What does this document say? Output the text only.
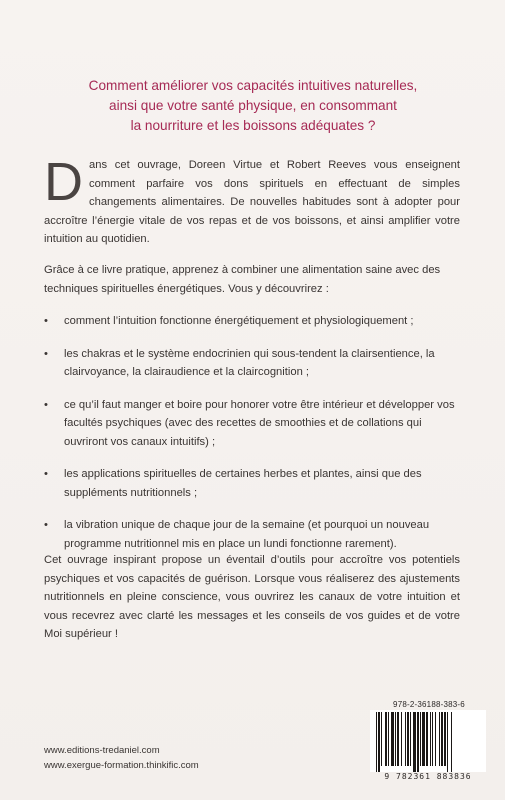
Comment améliorer vos capacités intuitives naturelles,
ainsi que votre santé physique, en consommant
la nourriture et les boissons adéquates ?

Dans cet ouvrage, Doreen Virtue et Robert Reeves vous enseignent comment parfaire vos dons spirituels en effectuant de simples changements alimentaires. De nouvelles habitudes sont à adopter pour accroître l’énergie vitale de vos repas et de vos boissons, et ainsi amplifier votre intuition au quotidien.

Grâce à ce livre pratique, apprenez à combiner une alimentation saine avec des techniques spirituelles énergétiques. Vous y découvrirez :

• comment l’intuition fonctionne énergétiquement et physiologiquement ;
• les chakras et le système endocrinien qui sous-tendent la clairsentience, la clairvoyance, la clairaudience et la claircognition ;
• ce qu’il faut manger et boire pour honorer votre être intérieur et développer vos facultés psychiques (avec des recettes de smoothies et de collations qui ouvriront vos canaux intuitifs) ;
• les applications spirituelles de certaines herbes et plantes, ainsi que des suppléments nutritionnels ;
• la vibration unique de chaque jour de la semaine (et pourquoi un nouveau programme nutritionnel mis en place un lundi fonctionne rarement).

Cet ouvrage inspirant propose un éventail d’outils pour accroître vos potentiels psychiques et vos capacités de guérison. Lorsque vous réaliserez des ajustements nutritionnels en pleine conscience, vous ouvrirez les canaux de votre intuition et vous recevrez avec clarté les messages et les conseils de vos guides et de votre Moi supérieur !

www.editions-tredaniel.com
www.exergue-formation.thinkific.com
978-2-36188-383-6
9 782361 883836
